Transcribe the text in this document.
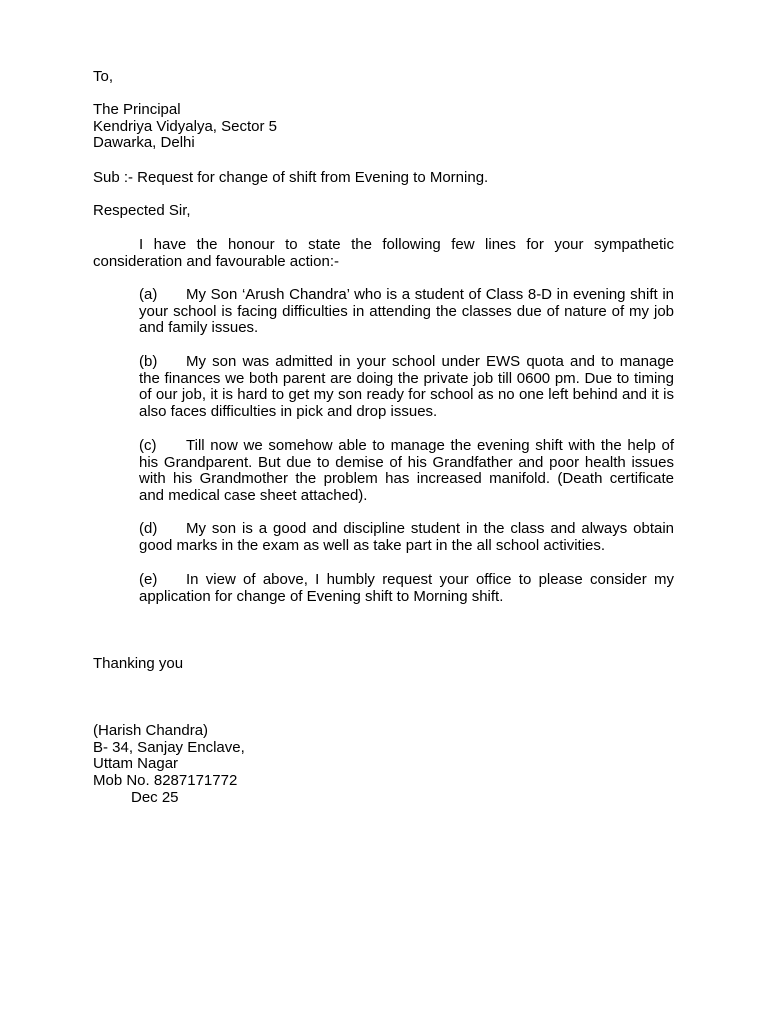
To,

The Principal
Kendriya Vidyalya, Sector 5
Dawarka, Delhi

Sub :- Request for change of shift from Evening to Morning.

Respected Sir,

I have the honour to state the following few lines for your sympathetic consideration and favourable action:-

(a) My Son ‘Arush Chandra’ who is a student of Class 8-D in evening shift in your school is facing difficulties in attending the classes due of nature of my job and family issues.
(b) My son was admitted in your school under EWS quota and to manage the finances we both parent are doing the private job till 0600 pm. Due to timing of our job, it is hard to get my son ready for school as no one left behind and it is also faces difficulties in pick and drop issues.
(c) Till now we somehow able to manage the evening shift with the help of his Grandparent. But due to demise of his Grandfather and poor health issues with his Grandmother the problem has increased manifold. (Death certificate and medical case sheet attached).
(d) My son is a good and discipline student in the class and always obtain good marks in the exam as well as take part in the all school activities.
(e) In view of above, I humbly request your office to please consider my application for change of Evening shift to Morning shift.

Thanking you

(Harish Chandra)
B- 34, Sanjay Enclave,
Uttam Nagar
Mob No. 8287171772
Dec 25
